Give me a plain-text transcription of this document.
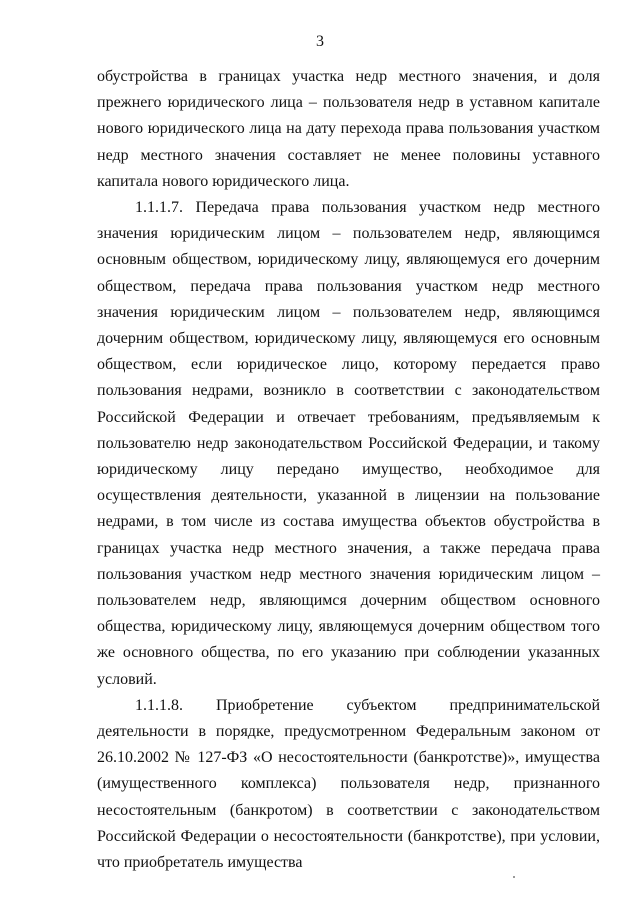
3

обустройства в границах участка недр местного значения, и доля прежнего юридического лица – пользователя недр в уставном капитале нового юридического лица на дату перехода права пользования участком недр местного значения составляет не менее половины уставного капитала нового юридического лица.

1.1.1.7. Передача права пользования участком недр местного значения юридическим лицом – пользователем недр, являющимся основным обществом, юридическому лицу, являющемуся его дочерним обществом, передача права пользования участком недр местного значения юридическим лицом – пользователем недр, являющимся дочерним обществом, юридическому лицу, являющемуся его основным обществом, если юридическое лицо, которому передается право пользования недрами, возникло в соответствии с законодательством Российской Федерации и отвечает требованиям, предъявляемым к пользователю недр законодательством Российской Федерации, и такому юридическому лицу передано имущество, необходимое для осуществления деятельности, указанной в лицензии на пользование недрами, в том числе из состава имущества объектов обустройства в границах участка недр местного значения, а также передача права пользования участком недр местного значения юридическим лицом – пользователем недр, являющимся дочерним обществом основного общества, юридическому лицу, являющемуся дочерним обществом того же основного общества, по его указанию при соблюдении указанных условий.

1.1.1.8. Приобретение субъектом предпринимательской деятельности в порядке, предусмотренном Федеральным законом от 26.10.2002 № 127-ФЗ «О несостоятельности (банкротстве)», имущества (имущественного комплекса) пользователя недр, признанного несостоятельным (банкротом) в соответствии с законодательством Российской Федерации о несостоятельности (банкротстве), при условии, что приобретатель имущества
